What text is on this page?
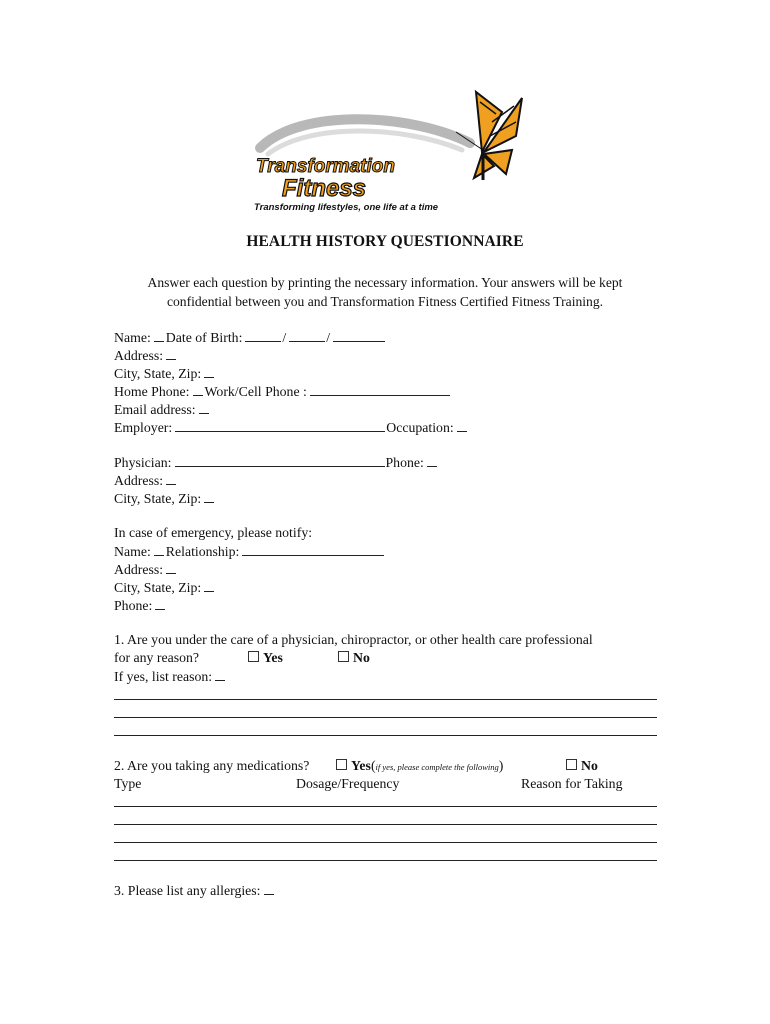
Transformation
Fitness
Transforming lifestyles, one life at a time
HEALTH HISTORY QUESTIONNAIRE
Answer each question by printing the necessary information. Your answers will be kept
confidential between you and Transformation Fitness Certified Fitness Training.
Name: Date of Birth:	/	/
Address:
City, State, Zip:
Home Phone: Work/Cell Phone :
Email address:
Employer:	Occupation:
Physician:	Phone:
Address:
City, State, Zip:
In case of emergency, please notify:
Name: Relationship:
Address:
City, State, Zip:
Phone:
1. Are you under the care of a physician, chiropractor, or other health care professional
for any reason?	Yes	No
If yes, list reason:
2. Are you taking any medications?	Yes(if yes, please complete the following)	No
Type	Dosage/Frequency	Reason for Taking
3. Please list any allergies:
